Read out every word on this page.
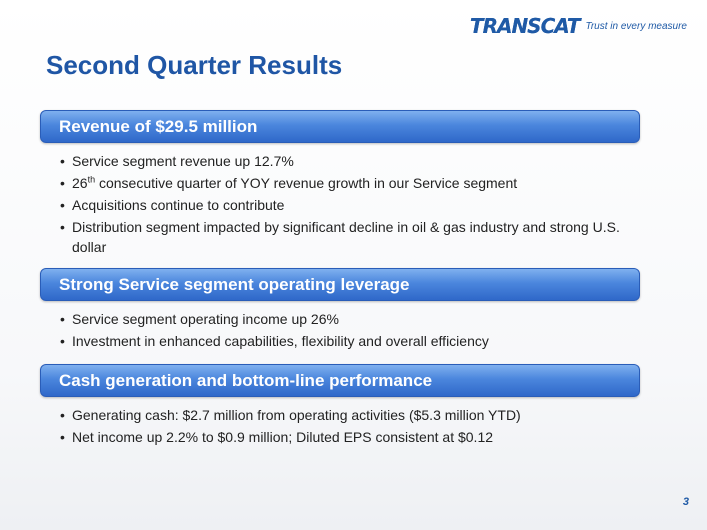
TRANSCAT Trust in every measure
Second Quarter Results
Revenue of $29.5 million
• Service segment revenue up 12.7%
• 26th consecutive quarter of YOY revenue growth in our Service segment
• Acquisitions continue to contribute
• Distribution segment impacted by significant decline in oil & gas industry and strong U.S. dollar
Strong Service segment operating leverage
• Service segment operating income up 26%
• Investment in enhanced capabilities, flexibility and overall efficiency
Cash generation and bottom-line performance
• Generating cash: $2.7 million from operating activities ($5.3 million YTD)
• Net income up 2.2% to $0.9 million; Diluted EPS consistent at $0.12
3
